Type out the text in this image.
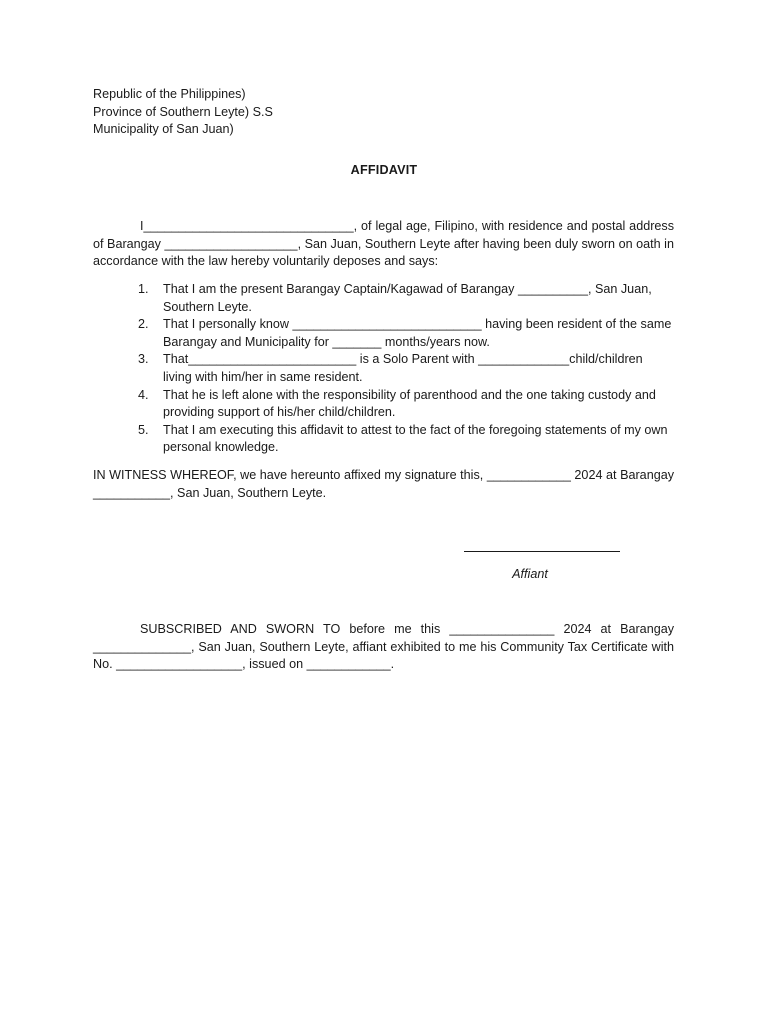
Republic of the Philippines)
Province of Southern Leyte) S.S
Municipality of San Juan)
AFFIDAVIT
I______________________________, of legal age, Filipino, with residence and postal address of Barangay ___________________, San Juan, Southern Leyte after having been duly sworn on oath in accordance with the law hereby voluntarily deposes and says:
1. That I am the present Barangay Captain/Kagawad of Barangay __________, San Juan, Southern Leyte.
2. That I personally know ___________________________ having been resident of the same Barangay and Municipality for _______ months/years now.
3. That________________________ is a Solo Parent with _____________child/children living with him/her in same resident.
4. That he is left alone with the responsibility of parenthood and the one taking custody and providing support of his/her child/children.
5. That I am executing this affidavit to attest to the fact of the foregoing statements of my own personal knowledge.
IN WITNESS WHEREOF, we have hereunto affixed my signature this, ____________ 2024 at Barangay ___________, San Juan, Southern Leyte.
Affiant
SUBSCRIBED AND SWORN TO before me this _______________ 2024 at Barangay ______________, San Juan, Southern Leyte, affiant exhibited to me his Community Tax Certificate with No. __________________, issued on ____________.
